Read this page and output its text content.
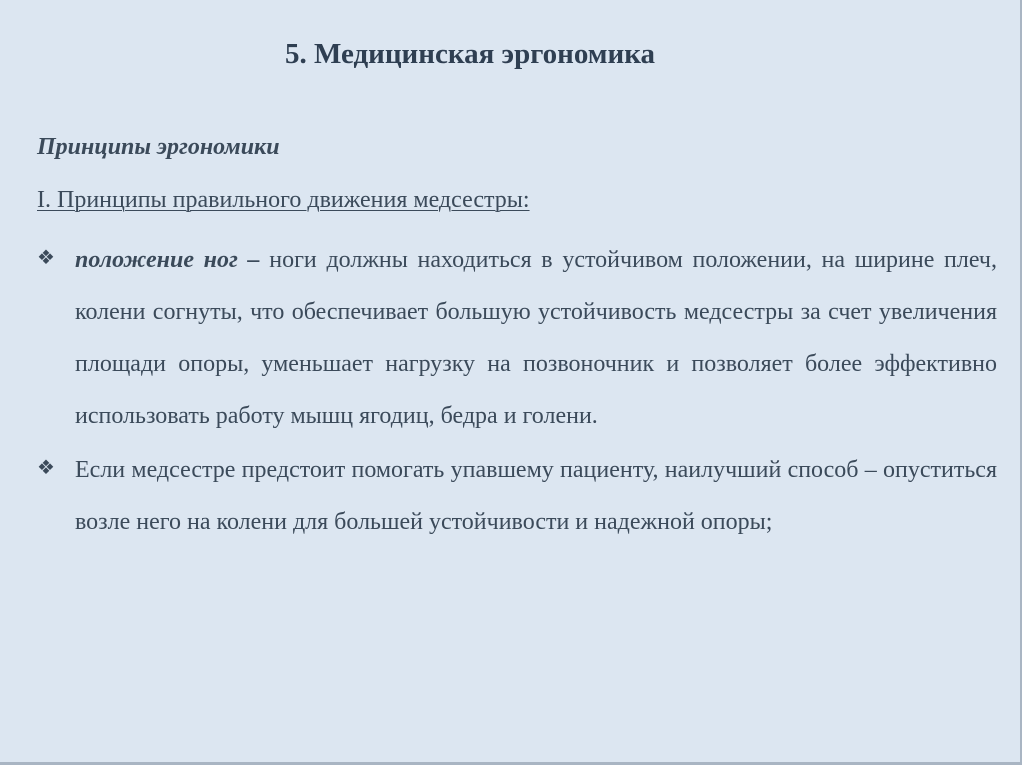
5. Медицинская эргономика

Принципы эргономики

I. Принципы правильного движения медсестры:

❖ положение ног – ноги должны находиться в устойчивом положении, на ширине плеч, колени согнуты, что обеспечивает большую устойчивость медсестры за счет увеличения площади опоры, уменьшает нагрузку на позвоночник и позволяет более эффективно использовать работу мышц ягодиц, бедра и голени.
❖ Если медсестре предстоит помогать упавшему пациенту, наилучший способ – опуститься возле него на колени для большей устойчивости и надежной опоры;
